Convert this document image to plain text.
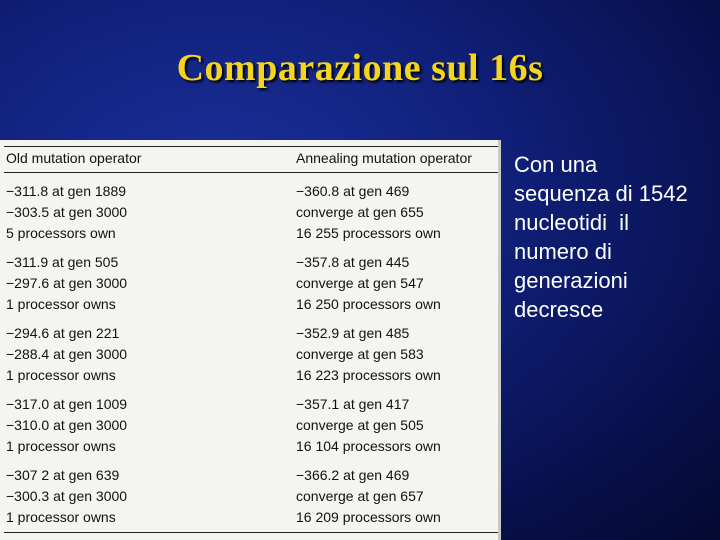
Comparazione sul 16s
Old mutation operator	Annealing mutation operator
−311.8 at gen 1889
−303.5 at gen 3000
5 processors own
−360.8 at gen 469
converge at gen 655
16 255 processors own
−311.9 at gen 505
−297.6 at gen 3000
1 processor owns
−357.8 at gen 445
converge at gen 547
16 250 processors own
−294.6 at gen 221
−288.4 at gen 3000
1 processor owns
−352.9 at gen 485
converge at gen 583
16 223 processors own
−317.0 at gen 1009
−310.0 at gen 3000
1 processor owns
−357.1 at gen 417
converge at gen 505
16 104 processors own
−307 2 at gen 639
−300.3 at gen 3000
1 processor owns
−366.2 at gen 469
converge at gen 657
16 209 processors own
Con una
sequenza di 1542
nucleotidi  il
numero di
generazioni
decresce
